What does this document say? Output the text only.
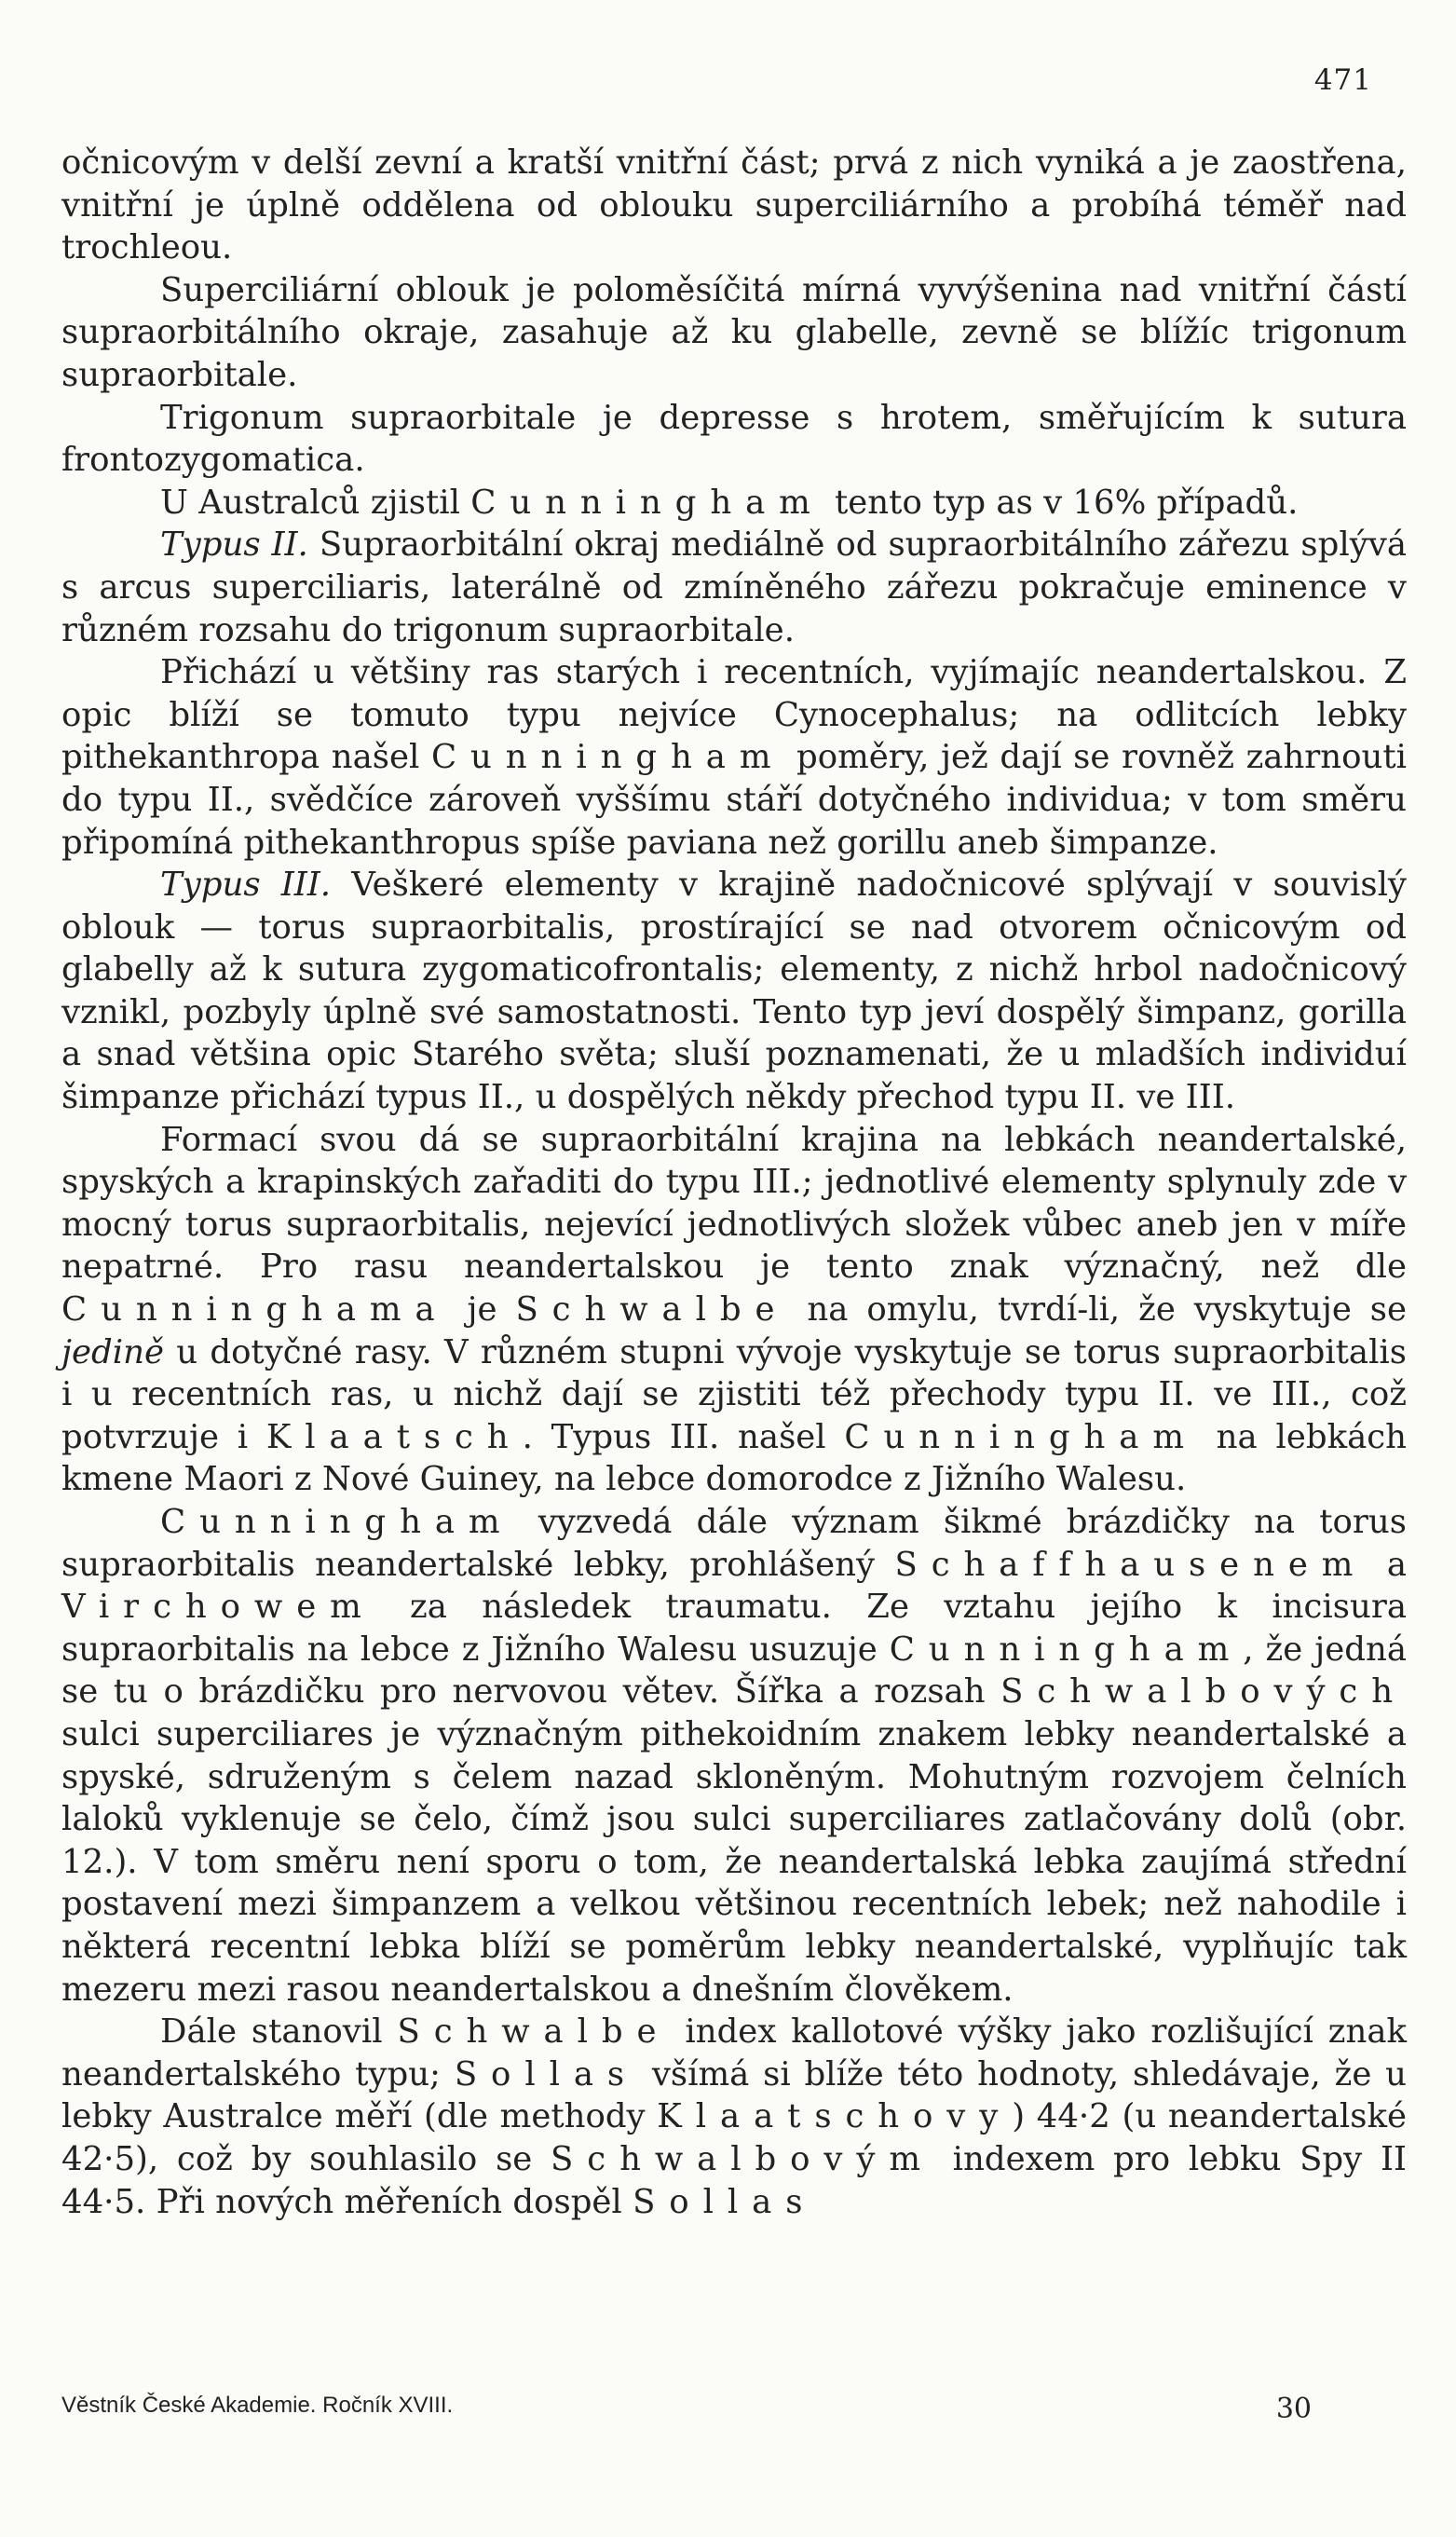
471

očnicovým v delší zevní a kratší vnitřní část; prvá z nich vyniká a je zaostřena, vnitřní je úplně oddělena od oblouku superciliárního a probíhá téměř nad trochleou.

Superciliární oblouk je poloměsíčitá mírná vyvýšenina nad vnitřní částí supraorbitálního okraje, zasahuje až ku glabelle, zevně se blížíc trigonum supraorbitale.

Trigonum supraorbitale je depresse s hrotem, směřujícím k sutura frontozygomatica.

U Australců zjistil Cunningham tento typ as v 16% případů.

Typus II. Supraorbitální okraj mediálně od supraorbitálního zářezu splývá s arcus superciliaris, laterálně od zmíněného zářezu pokračuje eminence v různém rozsahu do trigonum supraorbitale.

Přichází u většiny ras starých i recentních, vyjímajíc neandertalskou. Z opic blíží se tomuto typu nejvíce Cynocephalus; na odlitcích lebky pithekanthropa našel Cunningham poměry, jež dají se rovněž zahrnouti do typu II., svědčíce zároveň vyššímu stáří dotyčného individua; v tom směru připomíná pithekanthropus spíše paviana než gorillu aneb šimpanze.

Typus III. Veškeré elementy v krajině nadočnicové splývají v souvislý oblouk — torus supraorbitalis, prostírající se nad otvorem očnicovým od glabelly až k sutura zygomaticofrontalis; elementy, z nichž hrbol nadočnicový vznikl, pozbyly úplně své samostatnosti. Tento typ jeví dospělý šimpanz, gorilla a snad většina opic Starého světa; sluší poznamenati, že u mladších individuí šimpanze přichází typus II., u dospělých někdy přechod typu II. ve III.

Formací svou dá se supraorbitální krajina na lebkách neandertalské, spyských a krapinských zařaditi do typu III.; jednotlivé elementy splynuly zde v mocný torus supraorbitalis, nejevící jednotlivých složek vůbec aneb jen v míře nepatrné. Pro rasu neandertalskou je tento znak význačný, než dle Cunninghama je Schwalbe na omylu, tvrdí-li, že vyskytuje se jedině u dotyčné rasy. V různém stupni vývoje vyskytuje se torus supraorbitalis i u recentních ras, u nichž dají se zjistiti též přechody typu II. ve III., což potvrzuje i Klaatsch. Typus III. našel Cunningham na lebkách kmene Maori z Nové Guiney, na lebce domorodce z Jižního Walesu.

Cunningham vyzvedá dále význam šikmé brázdičky na torus supraorbitalis neandertalské lebky, prohlášený Schaffhausenem a Virchowem za následek traumatu. Ze vztahu jejího k incisura supraorbitalis na lebce z Jižního Walesu usuzuje Cunningham, že jedná se tu o brázdičku pro nervovou větev. Šířka a rozsah Schwalbových sulci superciliares je význačným pithekoidním znakem lebky neandertalské a spyské, sdruženým s čelem nazad skloněným. Mohutným rozvojem čelních laloků vyklenuje se čelo, čímž jsou sulci superciliares zatlačovány dolů (obr. 12.). V tom směru není sporu o tom, že neandertalská lebka zaujímá střední postavení mezi šimpanzem a velkou většinou recentních lebek; než nahodile i některá recentní lebka blíží se poměrům lebky neandertalské, vyplňujíc tak mezeru mezi rasou neandertalskou a dnešním člověkem.

Dále stanovil Schwalbe index kallotové výšky jako rozlišující znak neandertalského typu; Sollas všímá si blíže této hodnoty, shledávaje, že u lebky Australce měří (dle methody Klaatschovy) 44·2 (u neandertalské 42·5), což by souhlasilo se Schwalbovým indexem pro lebku Spy II 44·5. Při nových měřeních dospěl Sollas

Věstník České Akademie. Ročník XVIII.	30
